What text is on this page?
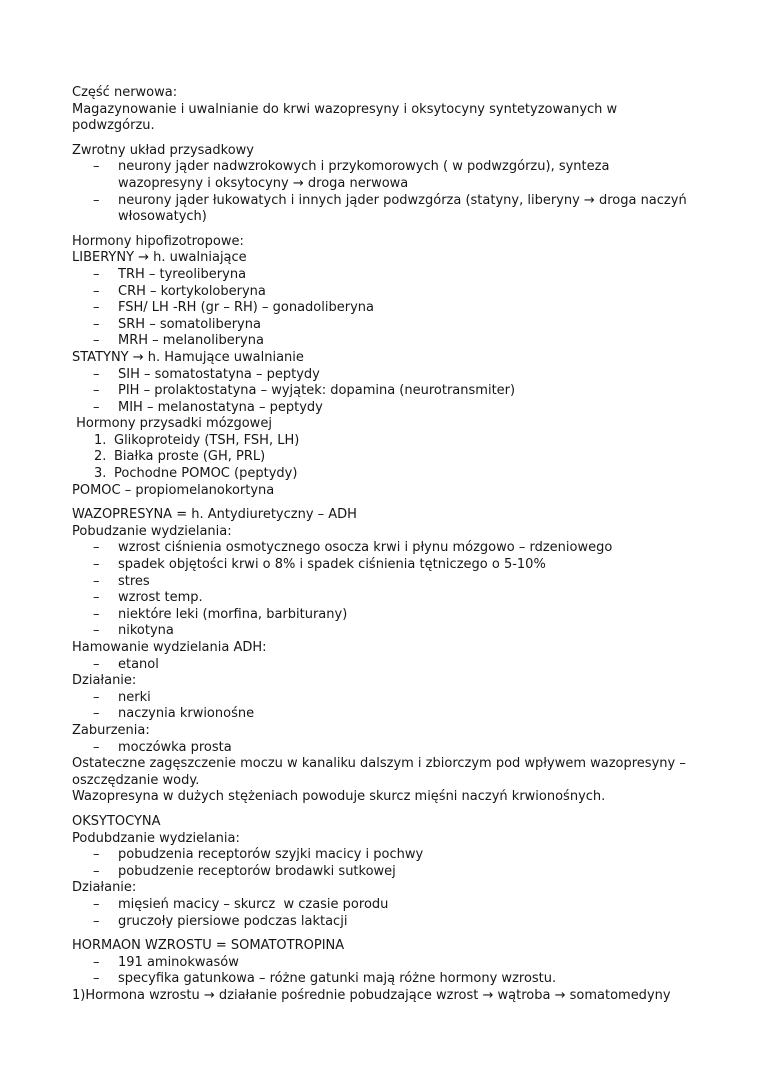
Część nerwowa:
Magazynowanie i uwalnianie do krwi wazopresyny i oksytocyny syntetyzowanych w
podwzgórzu.
Zwrotny układ przysadkowy
– neurony jąder nadwzrokowych i przykomorowych ( w podwzgórzu), synteza
wazopresyny i oksytocyny → droga nerwowa
– neurony jąder łukowatych i innych jąder podwzgórza (statyny, liberyny → droga naczyń
włosowatych)
Hormony hipofizotropowe:
LIBERYNY → h. uwalniające
– TRH – tyreoliberyna
– CRH – kortykoloberyna
– FSH/ LH -RH (gr – RH) – gonadoliberyna
– SRH – somatoliberyna
– MRH – melanoliberyna
STATYNY → h. Hamujące uwalnianie
– SIH – somatostatyna – peptydy
– PIH – prolaktostatyna – wyjątek: dopamina (neurotransmiter)
– MIH – melanostatyna – peptydy
Hormony przysadki mózgowej
1. Glikoproteidy (TSH, FSH, LH)
2. Białka proste (GH, PRL)
3. Pochodne POMOC (peptydy)
POMOC – propiomelanokortyna
WAZOPRESYNA = h. Antydiuretyczny – ADH
Pobudzanie wydzielania:
– wzrost ciśnienia osmotycznego osocza krwi i płynu mózgowo – rdzeniowego
– spadek objętości krwi o 8% i spadek ciśnienia tętniczego o 5-10%
– stres
– wzrost temp.
– niektóre leki (morfina, barbiturany)
– nikotyna
Hamowanie wydzielania ADH:
– etanol
Działanie:
– nerki
– naczynia krwionośne
Zaburzenia:
– moczówka prosta
Ostateczne zagęszczenie moczu w kanaliku dalszym i zbiorczym pod wpływem wazopresyny –
oszczędzanie wody.
Wazopresyna w dużych stężeniach powoduje skurcz mięśni naczyń krwionośnych.
OKSYTOCYNA
Podubdzanie wydzielania:
– pobudzenia receptorów szyjki macicy i pochwy
– pobudzenie receptorów brodawki sutkowej
Działanie:
– mięsień macicy – skurcz  w czasie porodu
– gruczoły piersiowe podczas laktacji
HORMAON WZROSTU = SOMATOTROPINA
– 191 aminokwasów
– specyfika gatunkowa – różne gatunki mają różne hormony wzrostu.
1)Hormona wzrostu → działanie pośrednie pobudzające wzrost → wątroba → somatomedyny
